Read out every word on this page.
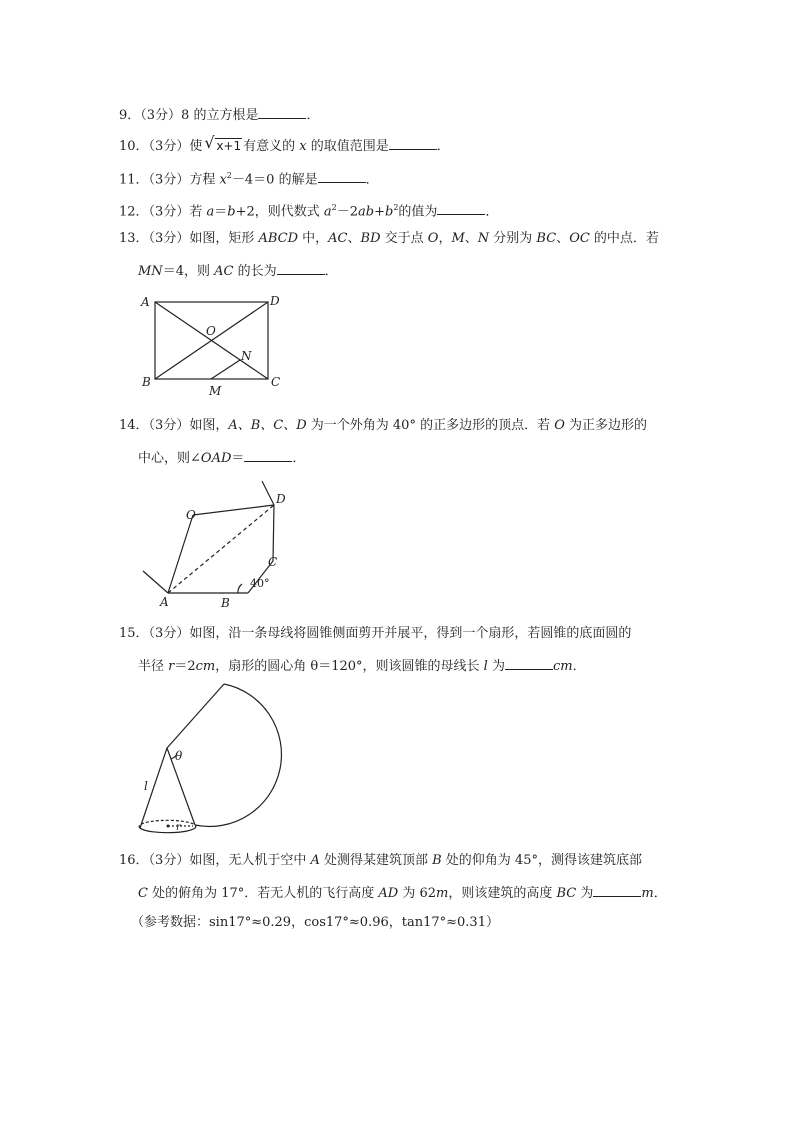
9．（3分）8 的立方根是	．
10．（3分）使 √ x+1 有意义的 x 的取值范围是	．
11．（3分）方程 $x^2-4=0$ 的解是	．
12．（3分）若 a＝b+2，则代数式 $a^2-2ab+b^2$的值为	．
13．（3分）如图，矩形 ABCD 中，AC、BD 交于点 O，M、N 分别为 BC、OC 的中点．若
MN＝4，则 AC 的长为	．
A	D
O
N
B
M
C
14．（3分）如图，A、B、C、D 为一个外角为 40° 的正多边形的顶点．若 O 为正多边形的
中心，则∠OAD＝	．
O
D
C
A	B
40°
15．（3分）如图，沿一条母线将圆锥侧面剪开并展平，得到一个扇形，若圆锥的底面圆的
半径 r＝2cm，扇形的圆心角 θ＝120°，则该圆锥的母线长 l 为	cm．
θ
l
r
16．（3分）如图，无人机于空中 A 处测得某建筑顶部 B 处的仰角为 45°，测得该建筑底部
C 处的俯角为 17°．若无人机的飞行高度 AD 为 62m，则该建筑的高度 BC 为	m．
（参考数据：sin17°≈0.29，cos17°≈0.96，tan17°≈0.31）
